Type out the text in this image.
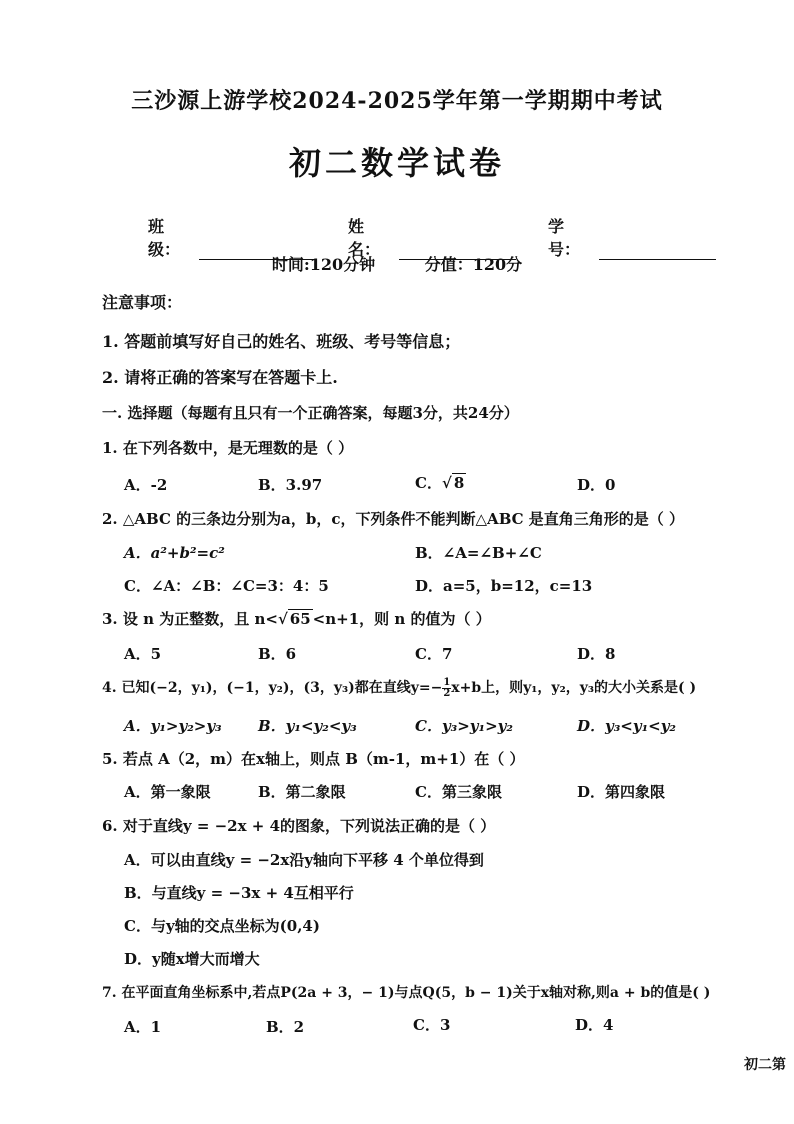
三沙源上游学校2024-2025学年第一学期期中考试
初二数学试卷
班级：
姓名：
学号：
时间:120分钟	分值：120分
注意事项：
1. 答题前填写好自己的姓名、班级、考号等信息；
2. 请将正确的答案写在答题卡上.
一. 选择题（每题有且只有一个正确答案，每题3分，共24分）
1. 在下列各数中，是无理数的是（ ）
A．-2	B．3.97	C．√ 8	D．0
2. △ABC 的三条边分别为a，b，c，下列条件不能判断△ABC 是直角三角形的是（ ）
A．a²+b²=c²	B．∠A=∠B+∠C
C．∠A：∠B：∠C=3：4：5	D．a=5，b=12，c=13
3. 设 n 为正整数，且 n<√ 65 <n+1，则 n 的值为（ ）
A．5	B．6	C．7	D．8
4. 已知(−2，y₁)，(−1，y₂)，(3，y₃)都在直线$y=- \frac{1}{2} x+b$上，则y₁，y₂，y₃的大小关系是( )
A．y₁>y₂>y₃ B．y₁<y₂<y₃	C．y₃>y₁>y₂	D．y₃<y₁<y₂
5. 若点 A（2，m）在x轴上，则点 B（m-1，m+1）在（ ）
A．第一象限	B．第二象限	C．第三象限	D．第四象限
6. 对于直线y = −2x + 4的图象，下列说法正确的是（ ）
A．可以由直线y = −2x沿y轴向下平移 4 个单位得到
B．与直线y = −3x + 4互相平行
C．与y轴的交点坐标为(0,4)
D．y随x增大而增大
7. 在平面直角坐标系中,若点P(2a + 3，− 1)与点Q(5，b − 1)关于x轴对称,则a + b的值是( )
A．1	B．2	C．3	D．4
初二第
